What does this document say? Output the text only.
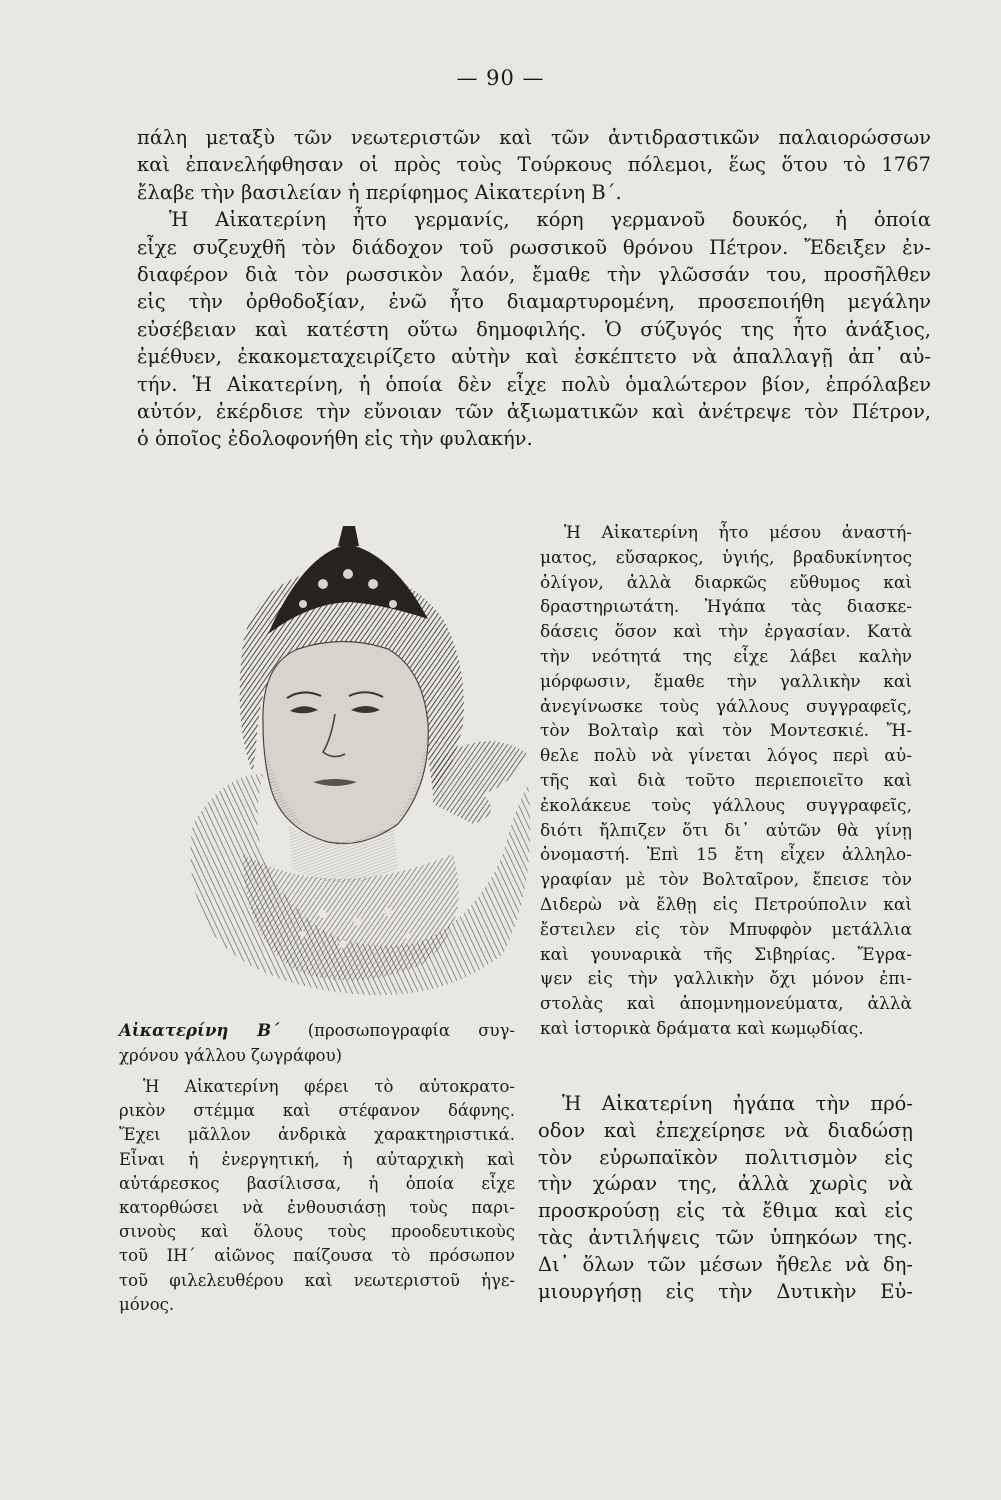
— 90 —
πάλη μεταξὺ τῶν νεωτεριστῶν καὶ τῶν ἀντιδραστικῶν παλαιορώσσων
καὶ ἐπανελήφθησαν οἱ πρὸς τοὺς Τούρκους πόλεμοι, ἕως ὅτου τὸ 1767
ἔλαβε τὴν βασιλείαν ἡ περίφημος Αἰκατερίνη Β΄.
Ἡ Αἰκατερίνη ἦτο γερμανίς, κόρη γερμανοῦ δουκός, ἡ ὁποία
εἶχε συζευχθῆ τὸν διάδοχον τοῦ ρωσσικοῦ θρόνου Πέτρον. Ἔδειξεν ἐν-
διαφέρον διὰ τὸν ρωσσικὸν λαόν, ἔμαθε τὴν γλῶσσάν του, προσῆλθεν
εἰς τὴν ὀρθοδοξίαν, ἐνῶ ἦτο διαμαρτυρομένη, προσεποιήθη μεγάλην
εὐσέβειαν καὶ κατέστη οὕτω δημοφιλής. Ὁ σύζυγός της ἦτο ἀνάξιος,
ἐμέθυεν, ἐκακομεταχειρίζετο αὐτὴν καὶ ἐσκέπτετο νὰ ἀπαλλαγῇ ἀπ᾽ αὐ-
τήν. Ἡ Αἰκατερίνη, ἡ ὁποία δὲν εἶχε πολὺ ὁμαλώτερον βίον, ἐπρόλαβεν
αὐτόν, ἐκέρδισε τὴν εὔνοιαν τῶν ἀξιωματικῶν καὶ ἀνέτρεψε τὸν Πέτρον,
ὁ ὁποῖος ἐδολοφονήθη εἰς τὴν φυλακήν.
Ἡ Αἰκατερίνη ἦτο μέσου ἀναστή-
ματος, εὔσαρκος, ὑγιής, βραδυκίνητος
ὀλίγον, ἀλλὰ διαρκῶς εὔθυμος καὶ
δραστηριωτάτη. Ἠγάπα τὰς διασκε-
δάσεις ὅσον καὶ τὴν ἐργασίαν. Κατὰ
τὴν νεότητά της εἶχε λάβει καλὴν
μόρφωσιν, ἔμαθε τὴν γαλλικὴν καὶ
ἀνεγίνωσκε τοὺς γάλλους συγγραφεῖς,
τὸν Βολταὶρ καὶ τὸν Μοντεσκιέ. Ἤ-
θελε πολὺ νὰ γίνεται λόγος περὶ αὐ-
τῆς καὶ διὰ τοῦτο περιεποιεῖτο καὶ
ἐκολάκευε τοὺς γάλλους συγγραφεῖς,
διότι ἤλπιζεν ὅτι δι᾽ αὐτῶν θὰ γίνῃ
ὀνομαστή. Ἐπὶ 15 ἔτη εἶχεν ἀλληλο-
γραφίαν μὲ τὸν Βολταῖρον, ἔπεισε τὸν
Διδερὼ νὰ ἔλθῃ εἰς Πετρούπολιν καὶ
ἔστειλεν εἰς τὸν Μπυφφὸν μετάλλια
καὶ γουναρικὰ τῆς Σιβηρίας. Ἔγρα-
ψεν εἰς τὴν γαλλικὴν ὄχι μόνον ἐπι-
στολὰς καὶ ἀπομνημονεύματα, ἀλλὰ
καὶ ἱστορικὰ δράματα καὶ κωμῳδίας.
Ἡ Αἰκατερίνη ἠγάπα τὴν πρό-
οδον καὶ ἐπεχείρησε νὰ διαδώσῃ
τὸν εὐρωπαϊκὸν πολιτισμὸν εἰς
τὴν χώραν της, ἀλλὰ χωρὶς νὰ
προσκρούσῃ εἰς τὰ ἔθιμα καὶ εἰς
τὰς ἀντιλήψεις τῶν ὑπηκόων της.
Δι᾽ ὅλων τῶν μέσων ἤθελε νὰ δη-
μιουργήσῃ εἰς τὴν Δυτικὴν Εὐ-
Αἰκατερίνη Β΄ (προσωπογραφία συγ-
χρόνου γάλλου ζωγράφου)
Ἡ Αἰκατερίνη φέρει τὸ αὐτοκρατο-
ρικὸν στέμμα καὶ στέφανον δάφνης.
Ἔχει μᾶλλον ἀνδρικὰ χαρακτηριστικά.
Εἶναι ἡ ἐνεργητική, ἡ αὐταρχικὴ καὶ
αὐτάρεσκος βασίλισσα, ἡ ὁποία εἶχε
κατορθώσει νὰ ἐνθουσιάσῃ τοὺς παρι-
σινοὺς καὶ ὅλους τοὺς προοδευτικοὺς
τοῦ ΙΗ΄ αἰῶνος παίζουσα τὸ πρόσωπον
τοῦ φιλελευθέρου καὶ νεωτεριστοῦ ἡγε-
μόνος.
